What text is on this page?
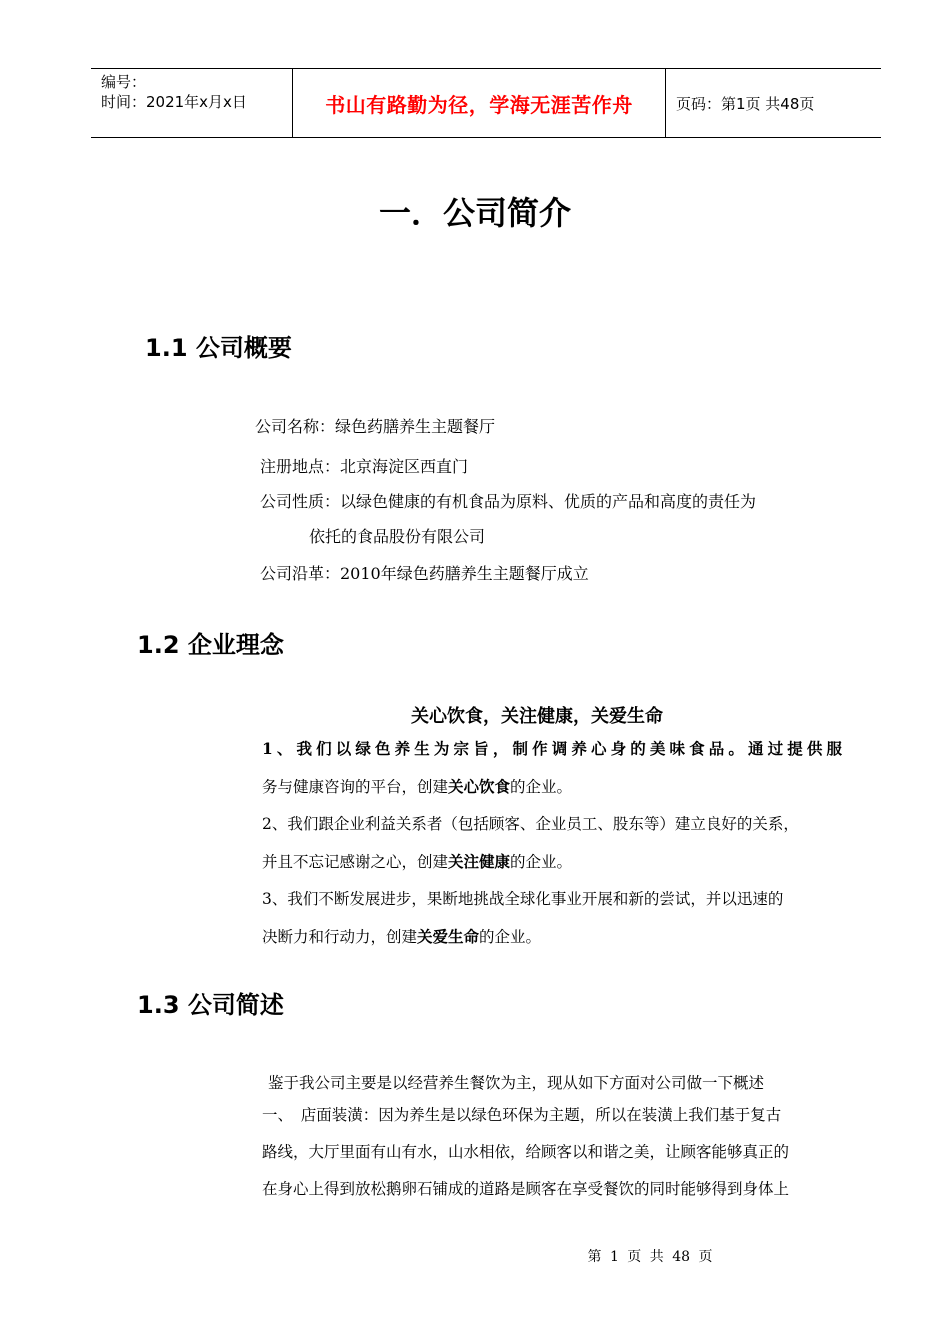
编号：
时间：2021年x月x日	书山有路勤为径，学海无涯苦作舟	页码：第1页 共48页
一．公司简介
1.1 公司概要
公司名称：绿色药膳养生主题餐厅
注册地点：北京海淀区西直门
公司性质：以绿色健康的有机食品为原料、优质的产品和高度的责任为
依托的食品股份有限公司
公司沿革：2010年绿色药膳养生主题餐厅成立
1.2 企业理念
关心饮食，关注健康，关爱生命
1、我们以绿色养生为宗旨，制作调养心身的美味食品。通过提供服
务与健康咨询的平台，创建关心饮食的企业。
2、我们跟企业利益关系者（包括顾客、企业员工、股东等）建立良好的关系，
并且不忘记感谢之心，创建关注健康的企业。
3、我们不断发展进步，果断地挑战全球化事业开展和新的尝试，并以迅速的
决断力和行动力，创建关爱生命的企业。
1.3 公司简述
鉴于我公司主要是以经营养生餐饮为主，现从如下方面对公司做一下概述
一、　店面装潢：因为养生是以绿色环保为主题，所以在装潢上我们基于复古
路线，大厅里面有山有水，山水相依，给顾客以和谐之美，让顾客能够真正的
在身心上得到放松鹅卵石铺成的道路是顾客在享受餐饮的同时能够得到身体上
第 1 页 共 48 页
